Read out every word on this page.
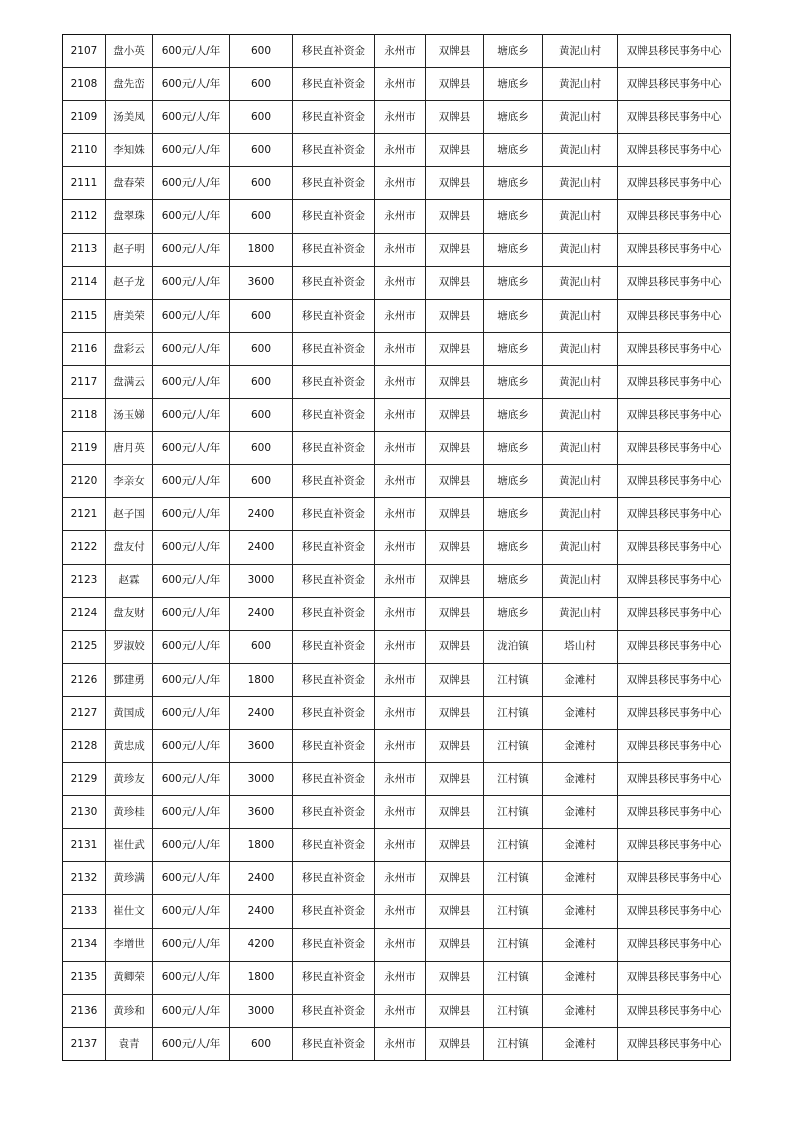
2107	盘小英	600元/人/年	600	移民直补资金	永州市	双牌县	塘底乡	黄泥山村	双牌县移民事务中心
2108	盘先峦	600元/人/年	600	移民直补资金	永州市	双牌县	塘底乡	黄泥山村	双牌县移民事务中心
2109	汤美凤	600元/人/年	600	移民直补资金	永州市	双牌县	塘底乡	黄泥山村	双牌县移民事务中心
2110	李知姝	600元/人/年	600	移民直补资金	永州市	双牌县	塘底乡	黄泥山村	双牌县移民事务中心
2111	盘春荣	600元/人/年	600	移民直补资金	永州市	双牌县	塘底乡	黄泥山村	双牌县移民事务中心
2112	盘翠珠	600元/人/年	600	移民直补资金	永州市	双牌县	塘底乡	黄泥山村	双牌县移民事务中心
2113	赵子明	600元/人/年	1800	移民直补资金	永州市	双牌县	塘底乡	黄泥山村	双牌县移民事务中心
2114	赵子龙	600元/人/年	3600	移民直补资金	永州市	双牌县	塘底乡	黄泥山村	双牌县移民事务中心
2115	唐美荣	600元/人/年	600	移民直补资金	永州市	双牌县	塘底乡	黄泥山村	双牌县移民事务中心
2116	盘彩云	600元/人/年	600	移民直补资金	永州市	双牌县	塘底乡	黄泥山村	双牌县移民事务中心
2117	盘满云	600元/人/年	600	移民直补资金	永州市	双牌县	塘底乡	黄泥山村	双牌县移民事务中心
2118	汤玉娣	600元/人/年	600	移民直补资金	永州市	双牌县	塘底乡	黄泥山村	双牌县移民事务中心
2119	唐月英	600元/人/年	600	移民直补资金	永州市	双牌县	塘底乡	黄泥山村	双牌县移民事务中心
2120	李亲女	600元/人/年	600	移民直补资金	永州市	双牌县	塘底乡	黄泥山村	双牌县移民事务中心
2121	赵子国	600元/人/年	2400	移民直补资金	永州市	双牌县	塘底乡	黄泥山村	双牌县移民事务中心
2122	盘友付	600元/人/年	2400	移民直补资金	永州市	双牌县	塘底乡	黄泥山村	双牌县移民事务中心
2123	赵霖	600元/人/年	3000	移民直补资金	永州市	双牌县	塘底乡	黄泥山村	双牌县移民事务中心
2124	盘友财	600元/人/年	2400	移民直补资金	永州市	双牌县	塘底乡	黄泥山村	双牌县移民事务中心
2125	罗淑姣	600元/人/年	600	移民直补资金	永州市	双牌县	泷泊镇	塔山村	双牌县移民事务中心
2126	鄧建勇	600元/人/年	1800	移民直补资金	永州市	双牌县	江村镇	金滩村	双牌县移民事务中心
2127	黄国成	600元/人/年	2400	移民直补资金	永州市	双牌县	江村镇	金滩村	双牌县移民事务中心
2128	黄忠成	600元/人/年	3600	移民直补资金	永州市	双牌县	江村镇	金滩村	双牌县移民事务中心
2129	黄珍友	600元/人/年	3000	移民直补资金	永州市	双牌县	江村镇	金滩村	双牌县移民事务中心
2130	黄珍桂	600元/人/年	3600	移民直补资金	永州市	双牌县	江村镇	金滩村	双牌县移民事务中心
2131	崔仕武	600元/人/年	1800	移民直补资金	永州市	双牌县	江村镇	金滩村	双牌县移民事务中心
2132	黄珍满	600元/人/年	2400	移民直补资金	永州市	双牌县	江村镇	金滩村	双牌县移民事务中心
2133	崔仕文	600元/人/年	2400	移民直补资金	永州市	双牌县	江村镇	金滩村	双牌县移民事务中心
2134	李增世	600元/人/年	4200	移民直补资金	永州市	双牌县	江村镇	金滩村	双牌县移民事务中心
2135	黄卿荣	600元/人/年	1800	移民直补资金	永州市	双牌县	江村镇	金滩村	双牌县移民事务中心
2136	黄珍和	600元/人/年	3000	移民直补资金	永州市	双牌县	江村镇	金滩村	双牌县移民事务中心
2137	袁青	600元/人/年	600	移民直补资金	永州市	双牌县	江村镇	金滩村	双牌县移民事务中心
